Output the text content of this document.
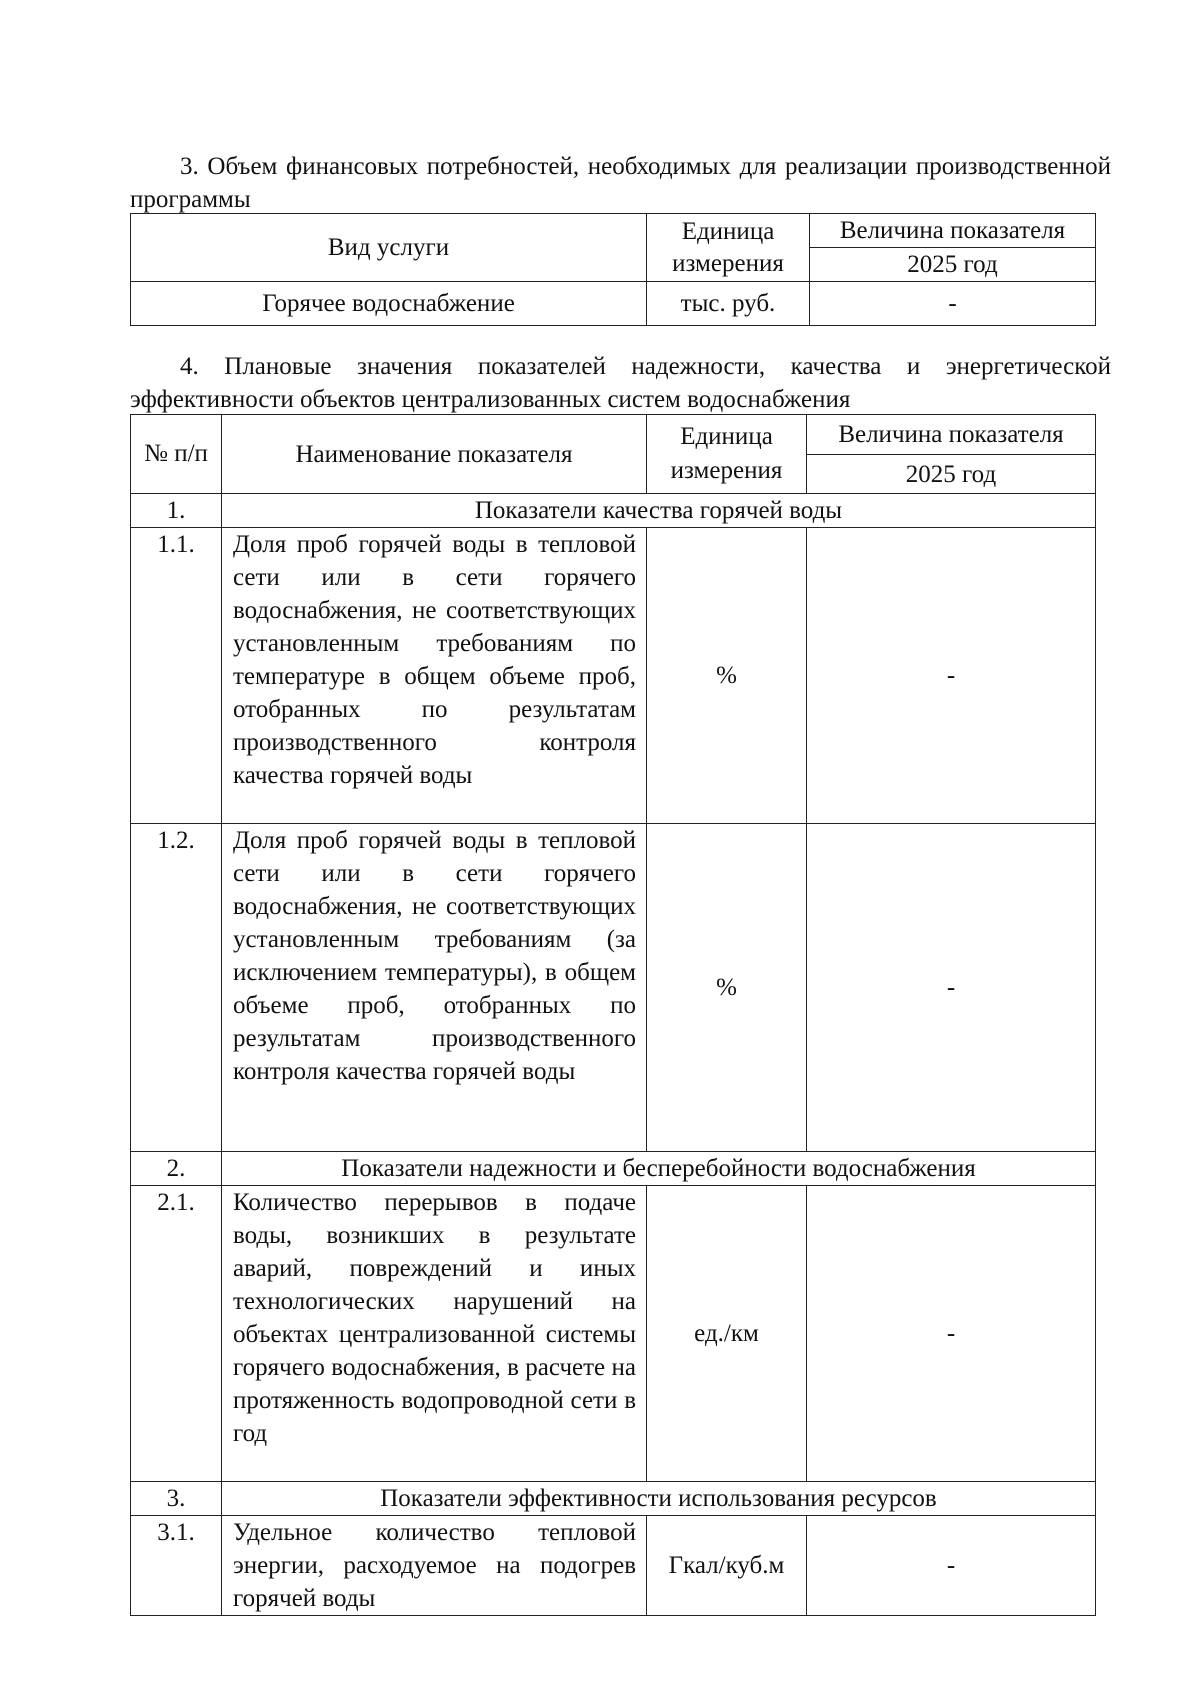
3. Объем финансовых потребностей, необходимых для реализации производственной программы

Вид услуги	Единица измерения	Величина показателя
		2025 год
Горячее водоснабжение	тыс. руб.	-

4. Плановые значения показателей надежности, качества и энергетической эффективности объектов централизованных систем водоснабжения

№ п/п	Наименование показателя	Единица измерения	Величина показателя
			2025 год
1.	Показатели качества горячей воды		
1.1.	Доля проб горячей воды в тепловой сети или в сети горячего водоснабжения, не соответствующих установленным требованиям по температуре в общем объеме проб, отобранных по результатам производственного контроля качества горячей воды	%	-
1.2.	Доля проб горячей воды в тепловой сети или в сети горячего водоснабжения, не соответствующих установленным требованиям (за исключением температуры), в общем объеме проб, отобранных по результатам производственного контроля качества горячей воды	%	-
2.	Показатели надежности и бесперебойности водоснабжения		
2.1.	Количество перерывов в подаче воды, возникших в результате аварий, повреждений и иных технологических нарушений на объектах централизованной системы горячего водоснабжения, в расчете на протяженность водопроводной сети в год	ед./км	-
3.	Показатели эффективности использования ресурсов		
3.1.	Удельное количество тепловой энергии, расходуемое на подогрев горячей воды	Гкал/куб.м	-
